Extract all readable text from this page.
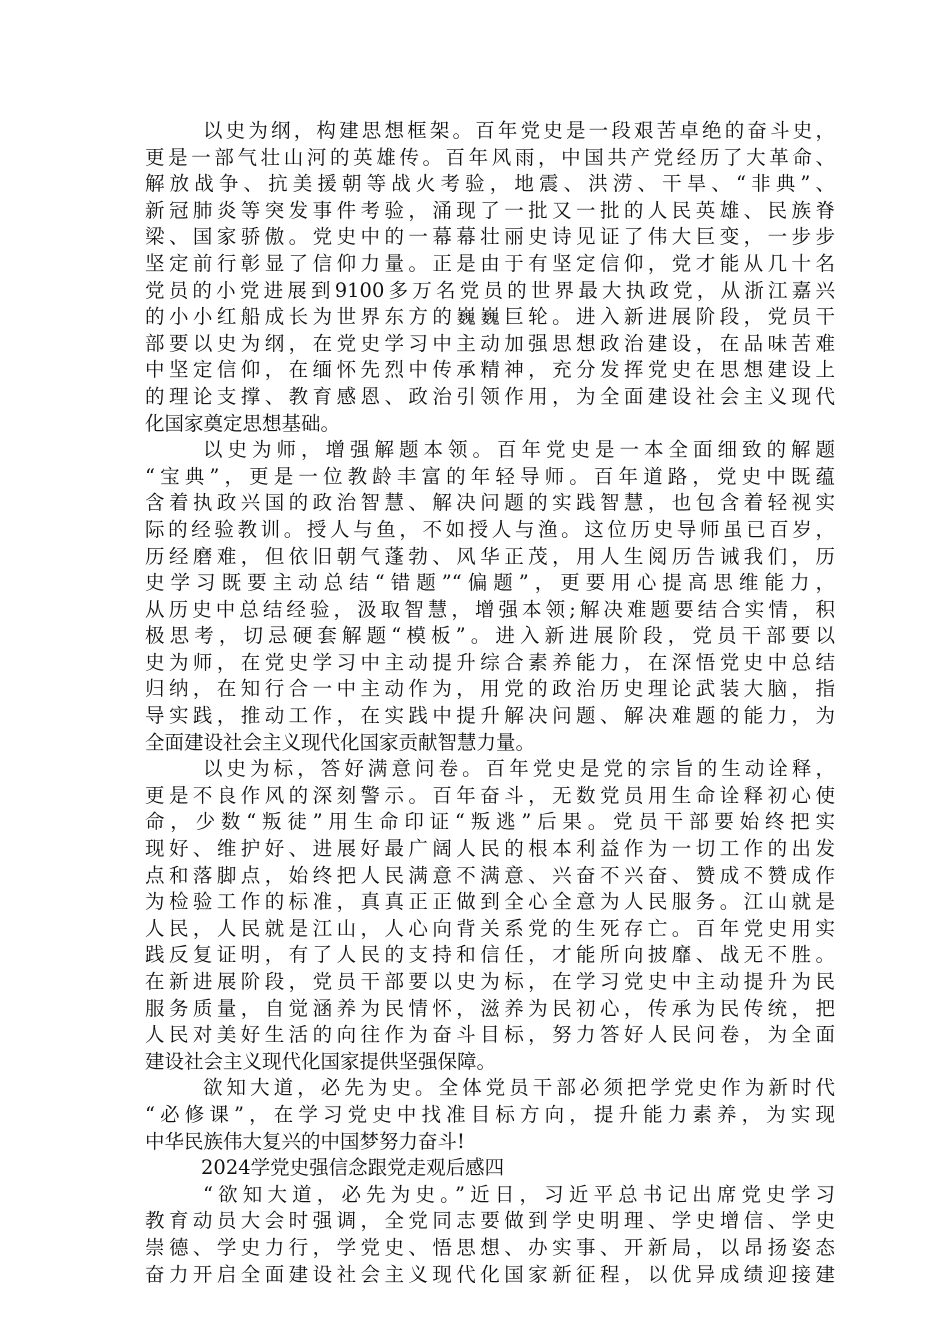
以史为纲，构建思想框架。百年党史是一段艰苦卓绝的奋斗史，
更是一部气壮山河的英雄传。百年风雨，中国共产党经历了大革命、
解放战争、抗美援朝等战火考验，地震、洪涝、干旱、“非典”、
新冠肺炎等突发事件考验，涌现了一批又一批的人民英雄、民族脊
梁、国家骄傲。党史中的一幕幕壮丽史诗见证了伟大巨变，一步步
坚定前行彰显了信仰力量。正是由于有坚定信仰，党才能从几十名
党员的小党进展到9100多万名党员的世界最大执政党，从浙江嘉兴
的小小红船成长为世界东方的巍巍巨轮。进入新进展阶段，党员干
部要以史为纲，在党史学习中主动加强思想政治建设，在品味苦难
中坚定信仰，在缅怀先烈中传承精神，充分发挥党史在思想建设上
的理论支撑、教育感恩、政治引领作用，为全面建设社会主义现代
化国家奠定思想基础。
以史为师，增强解题本领。百年党史是一本全面细致的解题
“宝典”，更是一位教龄丰富的年轻导师。百年道路，党史中既蕴
含着执政兴国的政治智慧、解决问题的实践智慧，也包含着轻视实
际的经验教训。授人与鱼，不如授人与渔。这位历史导师虽已百岁，
历经磨难，但依旧朝气蓬勃、风华正茂，用人生阅历告诫我们，历
史学习既要主动总结“错题”“偏题”，更要用心提高思维能力，
从历史中总结经验，汲取智慧，增强本领;解决难题要结合实情，积
极思考，切忌硬套解题“模板”。进入新进展阶段，党员干部要以
史为师，在党史学习中主动提升综合素养能力，在深悟党史中总结
归纳，在知行合一中主动作为，用党的政治历史理论武装大脑，指
导实践，推动工作，在实践中提升解决问题、解决难题的能力，为
全面建设社会主义现代化国家贡献智慧力量。
以史为标，答好满意问卷。百年党史是党的宗旨的生动诠释，
更是不良作风的深刻警示。百年奋斗，无数党员用生命诠释初心使
命，少数“叛徒”用生命印证“叛逃”后果。党员干部要始终把实
现好、维护好、进展好最广阔人民的根本利益作为一切工作的出发
点和落脚点，始终把人民满意不满意、兴奋不兴奋、赞成不赞成作
为检验工作的标准，真真正正做到全心全意为人民服务。江山就是
人民，人民就是江山，人心向背关系党的生死存亡。百年党史用实
践反复证明，有了人民的支持和信任，才能所向披靡、战无不胜。
在新进展阶段，党员干部要以史为标，在学习党史中主动提升为民
服务质量，自觉涵养为民情怀，滋养为民初心，传承为民传统，把
人民对美好生活的向往作为奋斗目标，努力答好人民问卷，为全面
建设社会主义现代化国家提供坚强保障。
欲知大道，必先为史。全体党员干部必须把学党史作为新时代
“必修课”，在学习党史中找准目标方向，提升能力素养，为实现
中华民族伟大复兴的中国梦努力奋斗!
2024学党史强信念跟党走观后感四
“欲知大道，必先为史。”近日，习近平总书记出席党史学习
教育动员大会时强调，全党同志要做到学史明理、学史增信、学史
崇德、学史力行，学党史、悟思想、办实事、开新局，以昂扬姿态
奋力开启全面建设社会主义现代化国家新征程，以优异成绩迎接建
